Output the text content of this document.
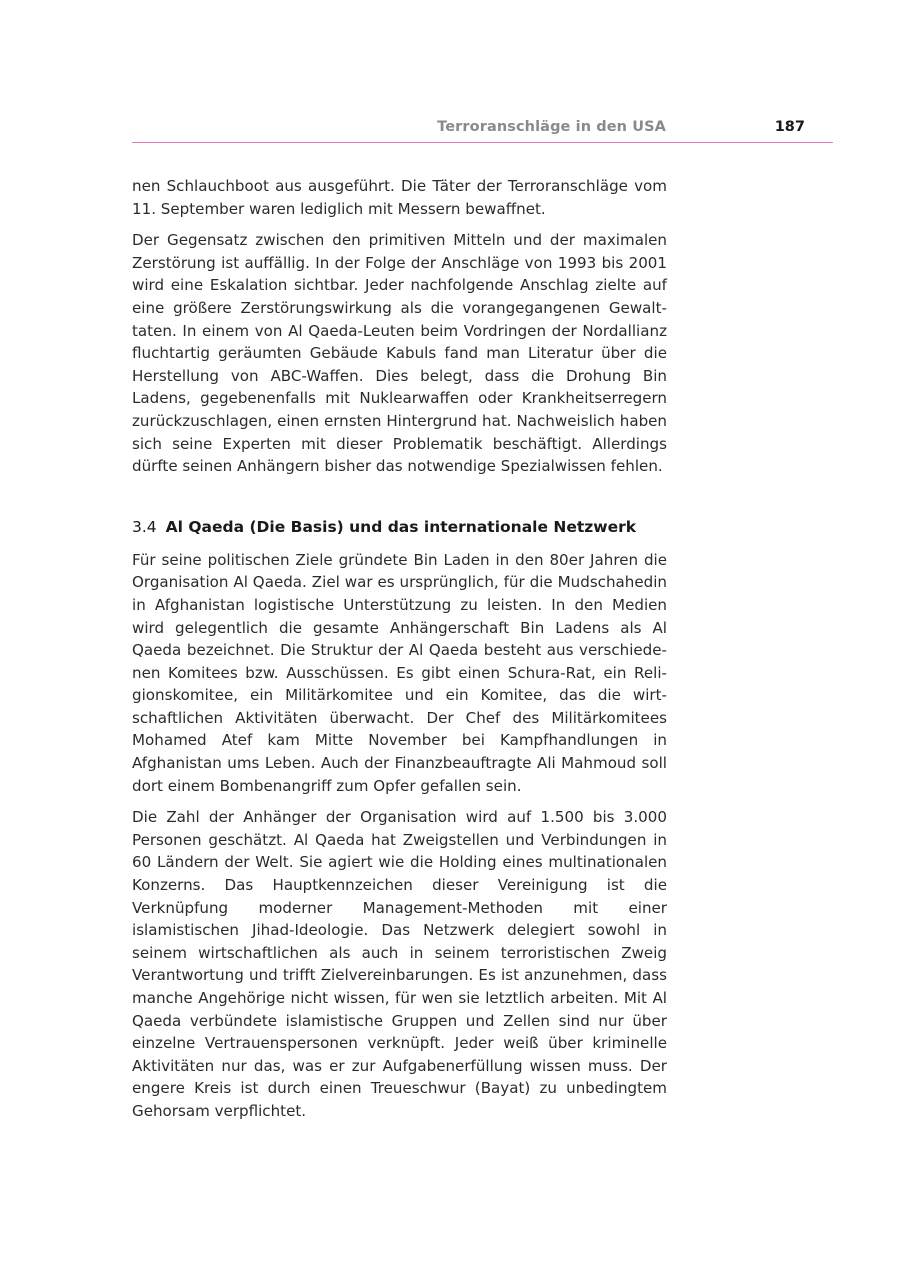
Terroranschläge in den USA	187

nen Schlauchboot aus ausgeführt. Die Täter der Terroranschläge vom 11. September waren lediglich mit Messern bewaffnet.

Der Gegensatz zwischen den primitiven Mitteln und der maximalen Zerstörung ist auffällig. In der Folge der Anschläge von 1993 bis 2001 wird eine Eskalation sichtbar. Jeder nachfolgende Anschlag zielte auf eine größere Zerstörungswirkung als die vorangegangenen Gewalttaten. In einem von Al Qaeda-Leuten beim Vordringen der Nordallianz fluchtartig geräumten Gebäude Kabuls fand man Literatur über die Herstellung von ABC-Waffen. Dies belegt, dass die Drohung Bin Ladens, gegebenenfalls mit Nuklearwaffen oder Krankheitserregern zurückzuschlagen, einen ernsten Hintergrund hat. Nachweislich haben sich seine Experten mit dieser Problematik beschäftigt. Allerdings dürfte seinen Anhängern bisher das notwendige Spezialwissen fehlen.

3.4 Al Qaeda (Die Basis) und das internationale Netzwerk

Für seine politischen Ziele gründete Bin Laden in den 80er Jahren die Organisation Al Qaeda. Ziel war es ursprünglich, für die Mudschahedin in Afghanistan logistische Unterstützung zu leisten. In den Medien wird gelegentlich die gesamte Anhängerschaft Bin Ladens als Al Qaeda bezeichnet. Die Struktur der Al Qaeda besteht aus verschiedenen Komitees bzw. Ausschüssen. Es gibt einen Schura-Rat, ein Religionskomitee, ein Militärkomitee und ein Komitee, das die wirtschaftlichen Aktivitäten überwacht. Der Chef des Militärkomitees Mohamed Atef kam Mitte November bei Kampfhandlungen in Afghanistan ums Leben. Auch der Finanzbeauftragte Ali Mahmoud soll dort einem Bombenangriff zum Opfer gefallen sein.

Die Zahl der Anhänger der Organisation wird auf 1.500 bis 3.000 Personen geschätzt. Al Qaeda hat Zweigstellen und Verbindungen in 60 Ländern der Welt. Sie agiert wie die Holding eines multinationalen Konzerns. Das Hauptkennzeichen dieser Vereinigung ist die Verknüpfung moderner Management-Methoden mit einer islamistischen Jihad-Ideologie. Das Netzwerk delegiert sowohl in seinem wirtschaftlichen als auch in seinem terroristischen Zweig Verantwortung und trifft Zielvereinbarungen. Es ist anzunehmen, dass manche Angehörige nicht wissen, für wen sie letztlich arbeiten. Mit Al Qaeda verbündete islamistische Gruppen und Zellen sind nur über einzelne Vertrauenspersonen verknüpft. Jeder weiß über kriminelle Aktivitäten nur das, was er zur Aufgabenerfüllung wissen muss. Der engere Kreis ist durch einen Treueschwur (Bayat) zu unbedingtem Gehorsam verpflichtet.
